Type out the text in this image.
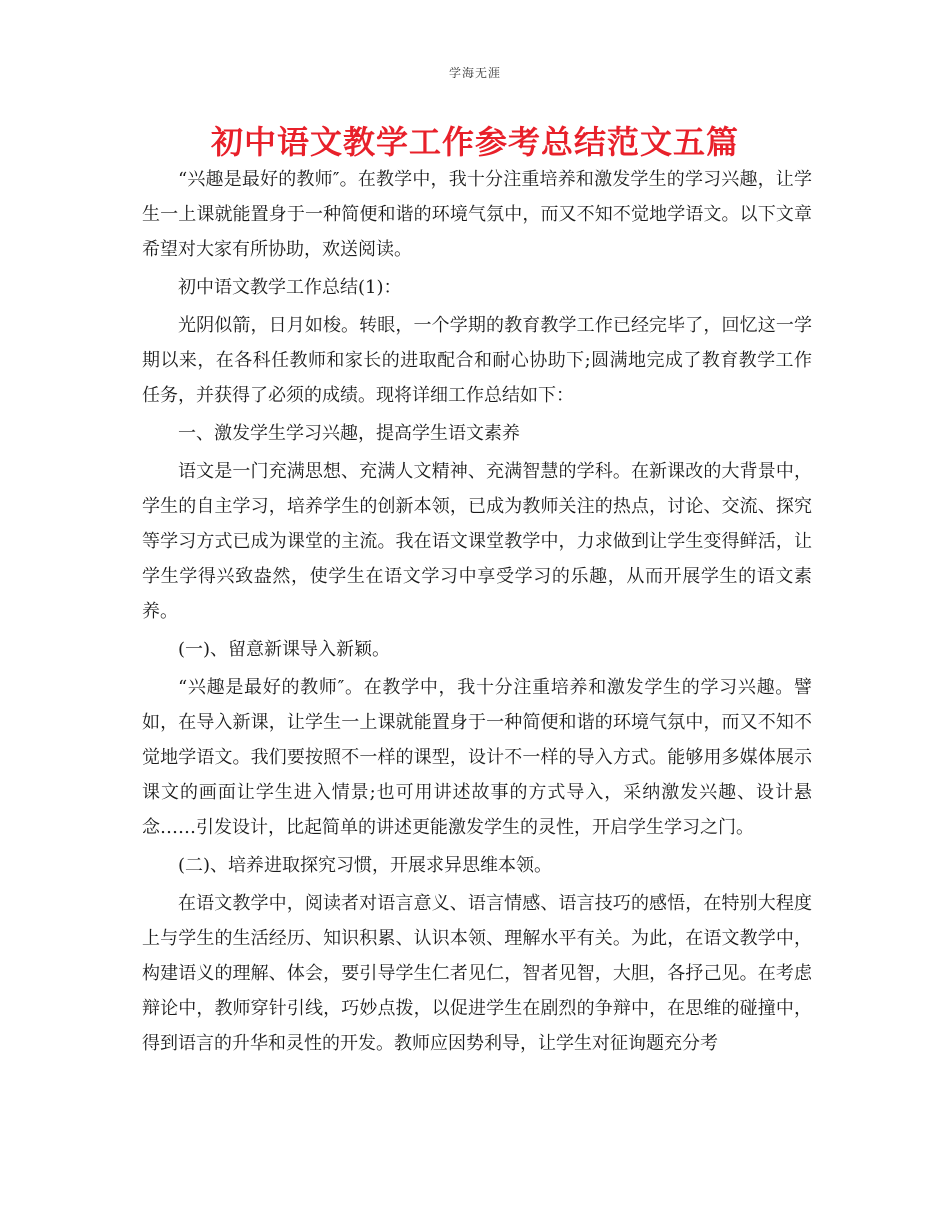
学海无涯
初中语文教学工作参考总结范文五篇

“兴趣是最好的教师″。在教学中，我十分注重培养和激发学生的学习兴趣，让学生一上课就能置身于一种简便和谐的环境气氛中，而又不知不觉地学语文。以下文章希望对大家有所协助，欢送阅读。

初中语文教学工作总结(1)：

光阴似箭，日月如梭。转眼，一个学期的教育教学工作已经完毕了，回忆这一学期以来，在各科任教师和家长的进取配合和耐心协助下;圆满地完成了教育教学工作任务，并获得了必须的成绩。现将详细工作总结如下：

一、激发学生学习兴趣，提高学生语文素养

语文是一门充满思想、充满人文精神、充满智慧的学科。在新课改的大背景中，学生的自主学习，培养学生的创新本领，已成为教师关注的热点，讨论、交流、探究等学习方式已成为课堂的主流。我在语文课堂教学中，力求做到让学生变得鲜活，让学生学得兴致盎然，使学生在语文学习中享受学习的乐趣，从而开展学生的语文素养。

(一)、留意新课导入新颖。

“兴趣是最好的教师″。在教学中，我十分注重培养和激发学生的学习兴趣。譬如，在导入新课，让学生一上课就能置身于一种简便和谐的环境气氛中，而又不知不觉地学语文。我们要按照不一样的课型，设计不一样的导入方式。能够用多媒体展示课文的画面让学生进入情景;也可用讲述故事的方式导入，采纳激发兴趣、设计悬念……引发设计，比起简单的讲述更能激发学生的灵性，开启学生学习之门。

(二)、培养进取探究习惯，开展求异思维本领。

在语文教学中，阅读者对语言意义、语言情感、语言技巧的感悟，在特别大程度上与学生的生活经历、知识积累、认识本领、理解水平有关。为此，在语文教学中，构建语义的理解、体会，要引导学生仁者见仁，智者见智，大胆，各抒己见。在考虑辩论中，教师穿针引线，巧妙点拨，以促进学生在剧烈的争辩中，在思维的碰撞中，得到语言的升华和灵性的开发。教师应因势利导，让学生对征询题充分考
